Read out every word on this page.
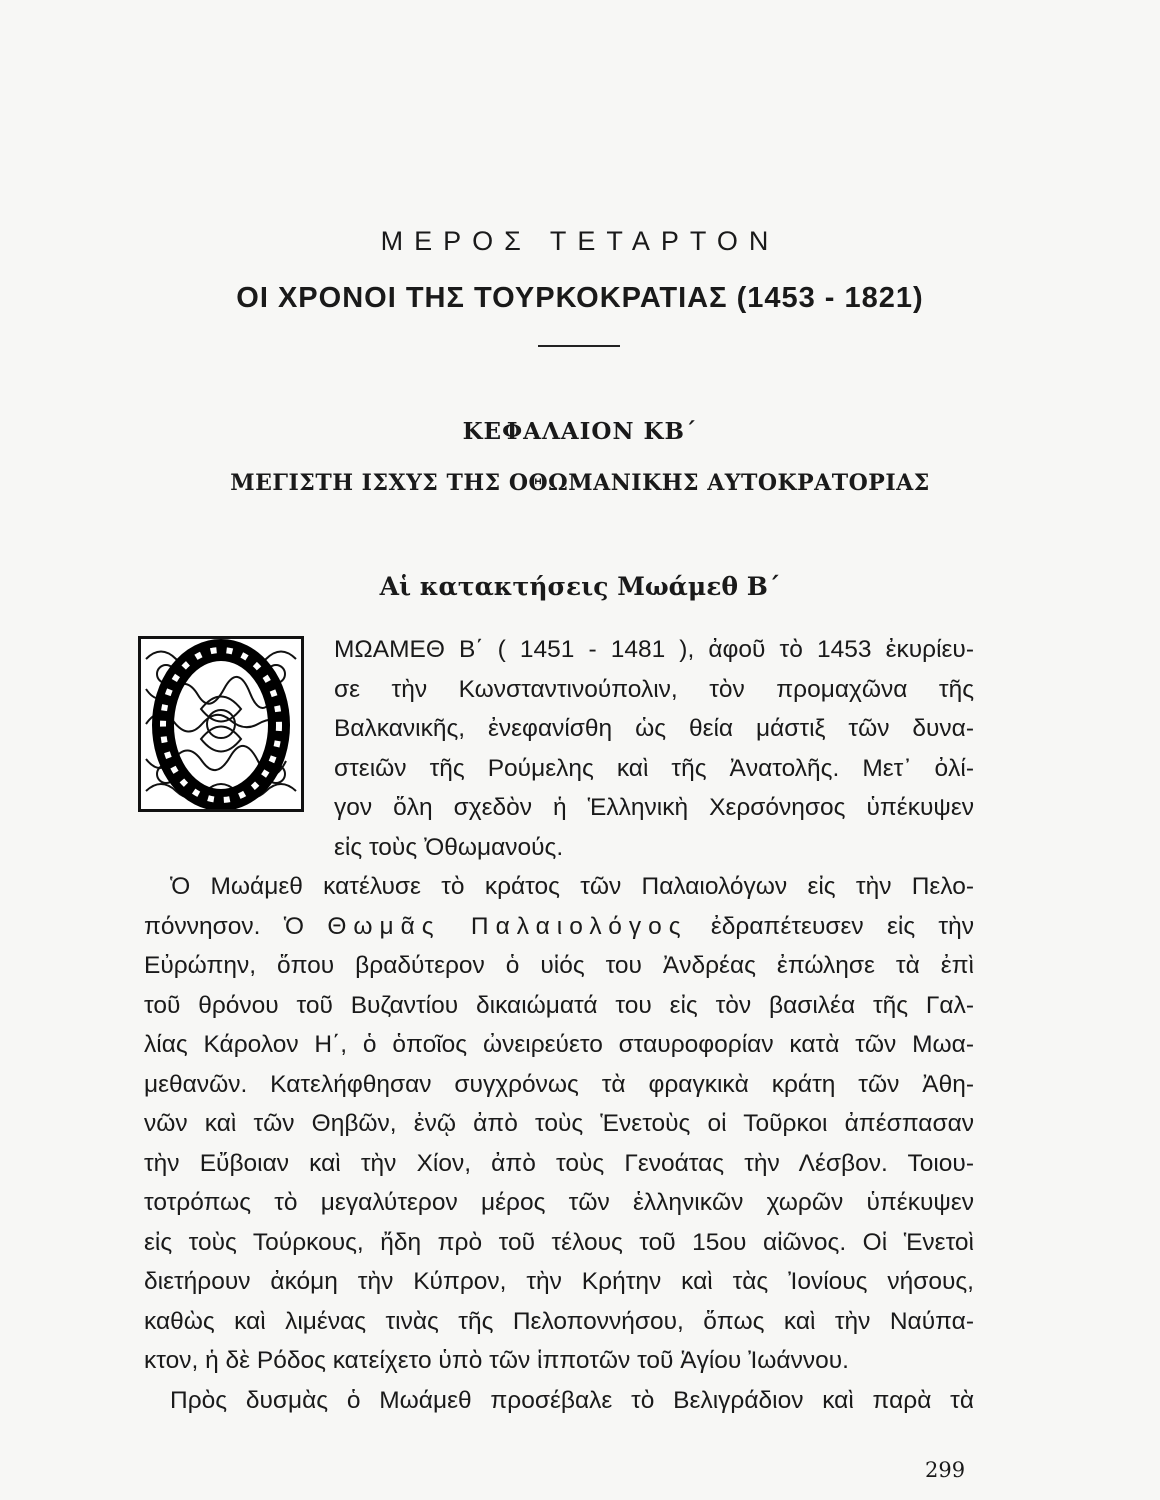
ΜΕΡΟΣ ΤΕΤΑΡΤΟΝ
ΟΙ ΧΡΟΝΟΙ ΤΗΣ ΤΟΥΡΚΟΚΡΑΤΙΑΣ (1453 - 1821)
ΚΕΦΑΛΑΙΟΝ ΚΒ΄
ΜΕΓΙΣΤΗ ΙΣΧΥΣ ΤΗΣ ΟΘΩΜΑΝΙΚΗΣ ΑΥΤΟΚΡΑΤΟΡΙΑΣ
Αἱ κατακτήσεις Μωάμεθ Β΄

ΜΩΑΜΕΘ Β΄ ( 1451 - 1481 ), ἀφοῦ τὸ 1453 ἐκυρίευ-

σε τὴν Κωνσταντινούπολιν, τὸν προμαχῶνα τῆς

Βαλκανικῆς, ἐνεφανίσθη ὡς θεία μάστιξ τῶν δυνα-

στειῶν τῆς Ρούμελης καὶ τῆς Ἀνατολῆς. Μετ᾽ ὀλί-

γον ὅλη σχεδὸν ἡ Ἑλληνικὴ Χερσόνησος ὑπέκυψεν

εἰς τοὺς Ὀθωμανούς.

Ὁ Μωάμεθ κατέλυσε τὸ κράτος τῶν Παλαιολόγων εἰς τὴν Πελο-

πόννησον. Ὁ Θωμᾶς Παλαιολόγος ἐδραπέτευσεν εἰς τὴν

Εὐρώπην, ὅπου βραδύτερον ὁ υἱός του Ἀνδρέας ἐπώλησε τὰ ἐπὶ

τοῦ θρόνου τοῦ Βυζαντίου δικαιώματά του εἰς τὸν βασιλέα τῆς Γαλ-

λίας Κάρολον Η΄, ὁ ὁποῖος ὠνειρεύετο σταυροφορίαν κατὰ τῶν Μωα-

μεθανῶν. Κατελήφθησαν συγχρόνως τὰ φραγκικὰ κράτη τῶν Ἀθη-

νῶν καὶ τῶν Θηβῶν, ἐνῷ ἀπὸ τοὺς Ἑνετοὺς οἱ Τοῦρκοι ἀπέσπασαν

τὴν Εὔβοιαν καὶ τὴν Χίον, ἀπὸ τοὺς Γενοάτας τὴν Λέσβον. Τοιου-

τοτρόπως τὸ μεγαλύτερον μέρος τῶν ἑλληνικῶν χωρῶν ὑπέκυψεν

εἰς τοὺς Τούρκους, ἤδη πρὸ τοῦ τέλους τοῦ 15ου αἰῶνος. Οἱ Ἑνετοὶ

διετήρουν ἀκόμη τὴν Κύπρον, τὴν Κρήτην καὶ τὰς Ἰονίους νήσους,

καθὼς καὶ λιμένας τινὰς τῆς Πελοποννήσου, ὅπως καὶ τὴν Ναύπα-

κτον, ἡ δὲ Ρόδος κατείχετο ὑπὸ τῶν ἱπποτῶν τοῦ Ἁγίου Ἰωάννου.

Πρὸς δυσμὰς ὁ Μωάμεθ προσέβαλε τὸ Βελιγράδιον καὶ παρὰ τὰ

299
